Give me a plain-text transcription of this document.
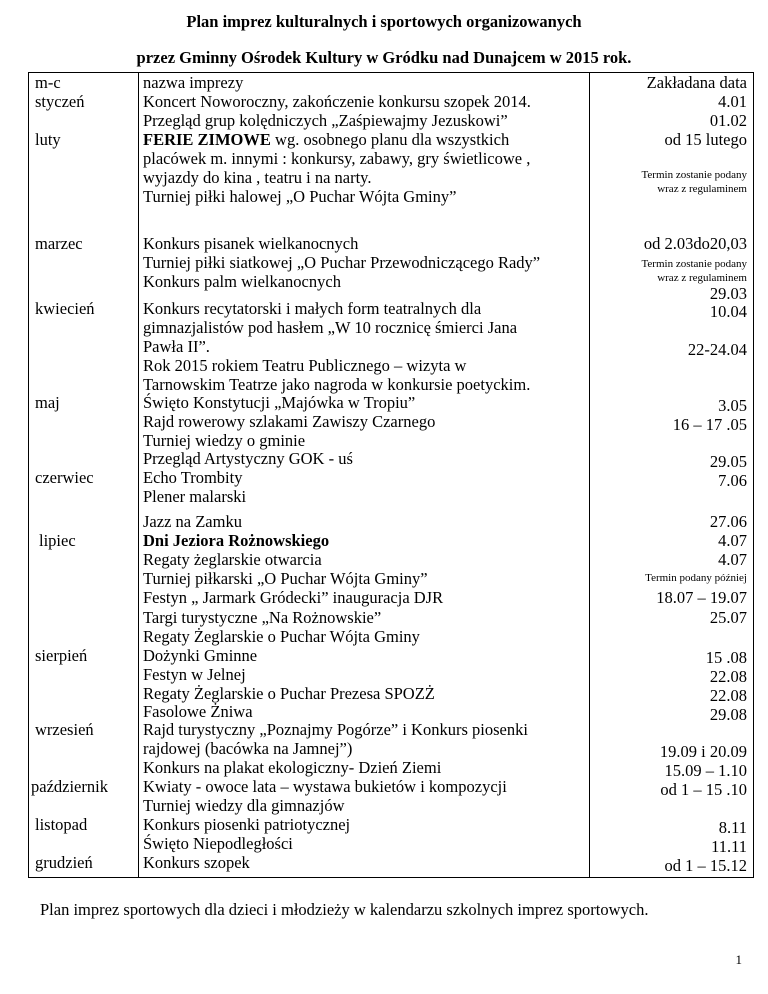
Plan imprez kulturalnych i sportowych organizowanych
przez Gminny Ośrodek Kultury w Gródku nad Dunajcem w 2015 rok.
m-c	nazwa imprezy	Zakładana data
styczeń
luty
marzec
kwiecień
maj
czerwiec
lipiec
sierpień
wrzesień
październik
listopad
grudzień
Koncert Noworoczny, zakończenie konkursu szopek 2014.
Przegląd grup kolędniczych „Zaśpiewajmy Jezuskowi”
FERIE ZIMOWE wg. osobnego planu dla wszystkich
placówek m. innymi : konkursy, zabawy, gry świetlicowe ,
wyjazdy do kina , teatru i na narty.
Turniej piłki halowej „O Puchar Wójta Gminy”
Konkurs pisanek wielkanocnych
Turniej piłki siatkowej „O Puchar Przewodniczącego Rady”
Konkurs palm wielkanocnych
Konkurs recytatorski i małych form teatralnych dla
gimnazjalistów pod hasłem „W 10 rocznicę śmierci Jana
Pawła II”.
Rok 2015 rokiem Teatru Publicznego – wizyta w
Tarnowskim Teatrze jako nagroda w konkursie poetyckim.
Święto Konstytucji „Majówka w Tropiu”
Rajd rowerowy szlakami Zawiszy Czarnego
Turniej wiedzy o gminie
Przegląd Artystyczny GOK - uś
Echo Trombity
Plener malarski
Jazz na Zamku
Dni Jeziora Rożnowskiego
Regaty żeglarskie otwarcia
Turniej piłkarski „O Puchar Wójta Gminy”
Festyn „ Jarmark Gródecki” inauguracja DJR
Targi turystyczne „Na Rożnowskie”
Regaty Żeglarskie o Puchar Wójta Gminy
Dożynki Gminne
Festyn w Jelnej
Regaty Żeglarskie o Puchar Prezesa SPOZŻ
Fasolowe Żniwa
Rajd turystyczny „Poznajmy Pogórze” i Konkurs piosenki
rajdowej (bacówka na Jamnej”)
Konkurs na plakat ekologiczny- Dzień Ziemi
Kwiaty - owoce lata – wystawa bukietów i kompozycji
Turniej wiedzy dla gimnazjów
Konkurs piosenki patriotycznej
Święto Niepodległości
Konkurs szopek
4.01
01.02
od 15 lutego
Termin zostanie podany
wraz z regulaminem
od 2.03do20,03
Termin zostanie podany
wraz z regulaminem
29.03
10.04
22-24.04
3.05
16 – 17 .05
29.05
7.06
27.06
4.07
4.07
Termin podany później
18.07 – 19.07
25.07
15 .08
22.08
22.08
29.08
19.09 i 20.09
15.09 – 1.10
od 1 – 15 .10
8.11
11.11
od 1 – 15.12
Plan imprez sportowych dla dzieci i młodzieży w kalendarzu szkolnych imprez sportowych.
1
